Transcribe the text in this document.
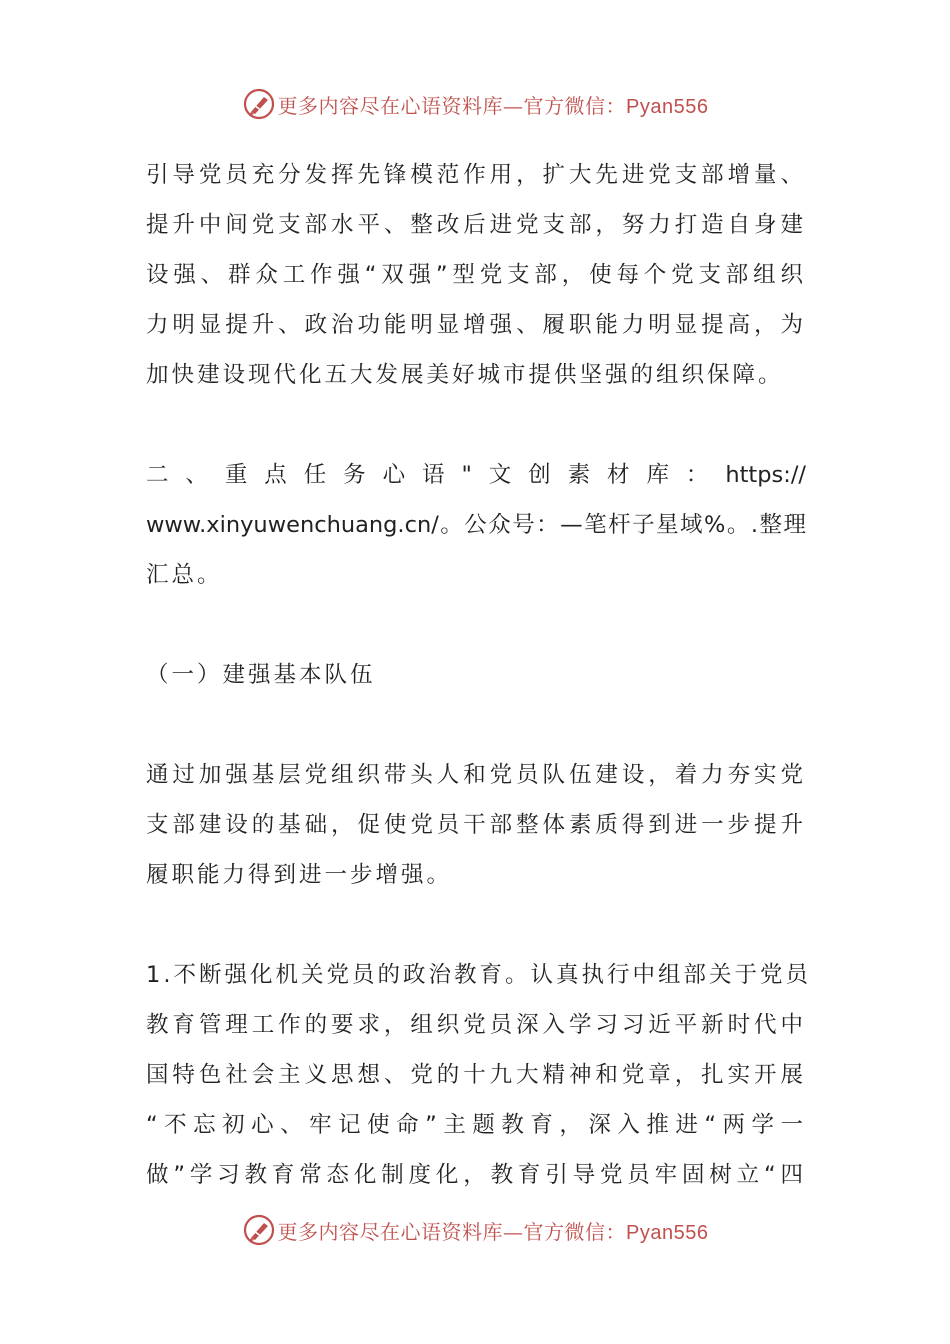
更多内容尽在心语资料库—官方微信：Pyan556

引导党员充分发挥先锋模范作用，扩大先进党支部增量、
提升中间党支部水平、整改后进党支部，努力打造自身建
设强、群众工作强“双强”型党支部，使每个党支部组织
力明显提升、政治功能明显增强、履职能力明显提高，为
加快建设现代化五大发展美好城市提供坚强的组织保障。

二、重点任务心语"文创素材库：https://
www.xinyuwenchuang.cn/。公众号：—笔杆子星域%。.整理
汇总。

（一）建强基本队伍

通过加强基层党组织带头人和党员队伍建设，着力夯实党
支部建设的基础，促使党员干部整体素质得到进一步提升
履职能力得到进一步增强。

1.不断强化机关党员的政治教育。认真执行中组部关于党员
教育管理工作的要求，组织党员深入学习习近平新时代中
国特色社会主义思想、党的十九大精神和党章，扎实开展
“不忘初心、牢记使命”主题教育，深入推进“两学一
做”学习教育常态化制度化，教育引导党员牢固树立“四

更多内容尽在心语资料库—官方微信：Pyan556
